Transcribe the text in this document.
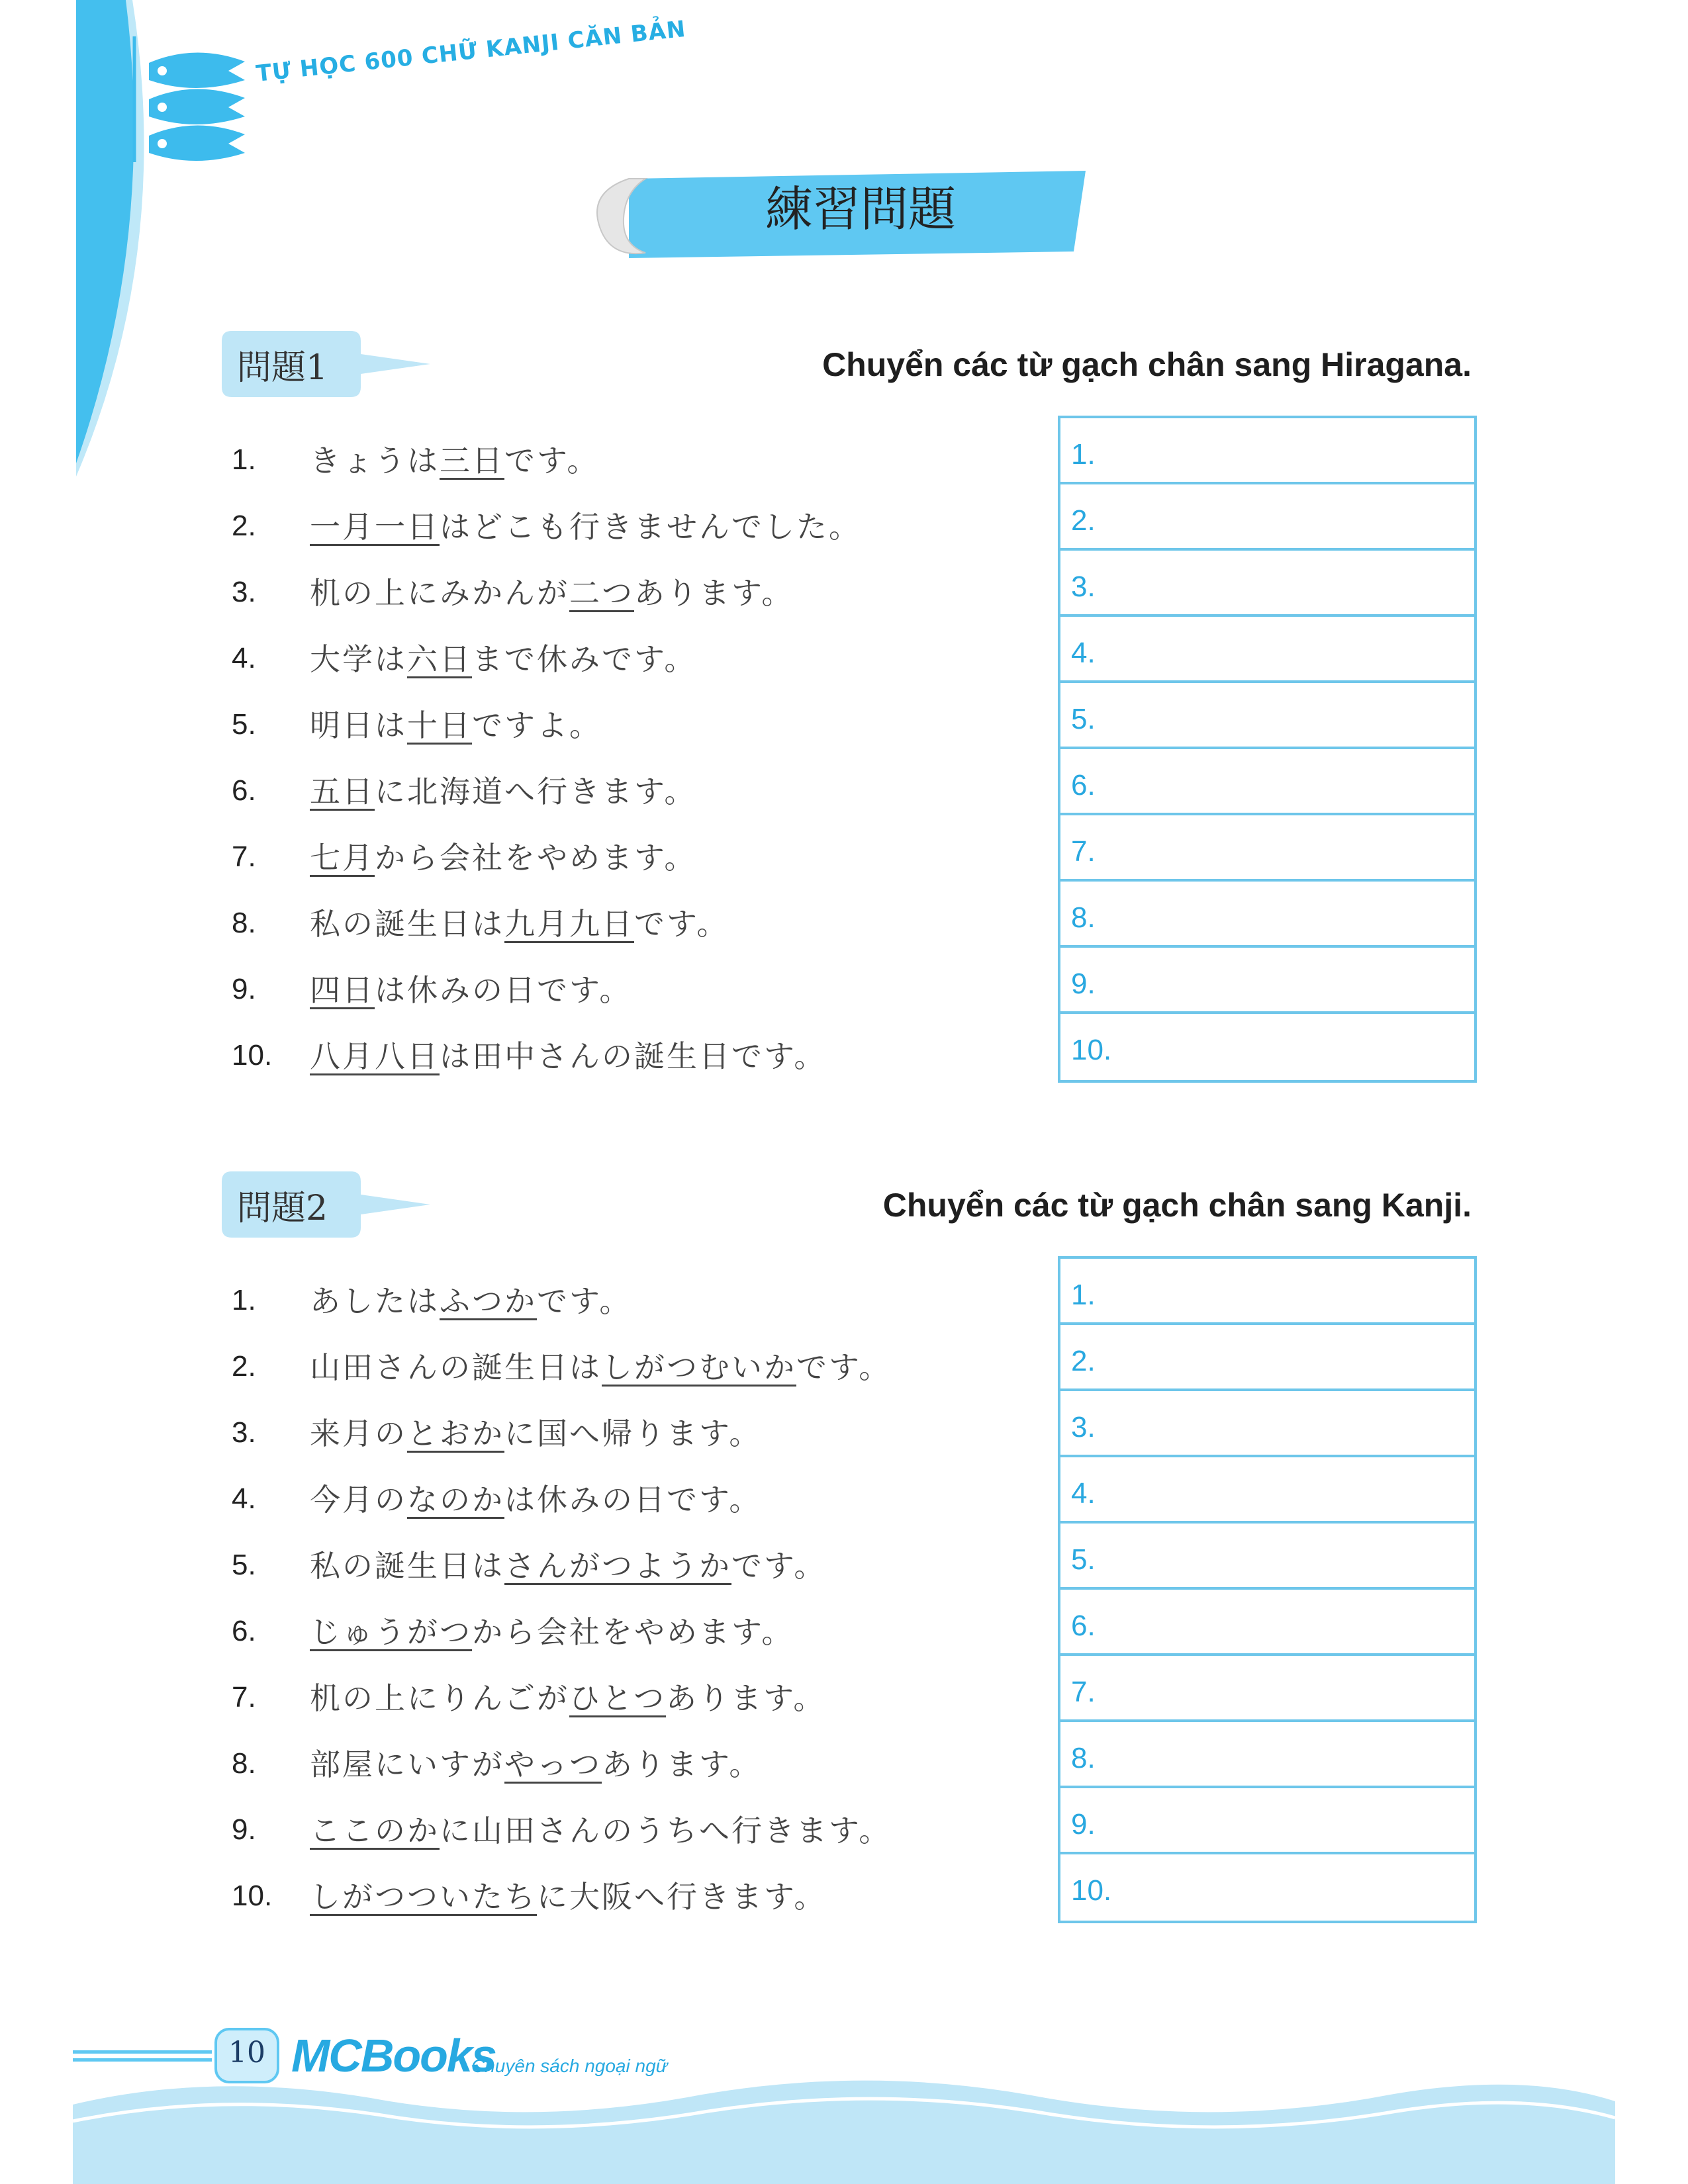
TỰ HỌC 600 CHỮ KANJI CĂN BẢN
練習問題
問題1	Chuyển các từ gạch chân sang Hiragana.
1. きょうは三日です。
2. 一月一日はどこも行きませんでした。
3. 机の上にみかんが二つあります。
4. 大学は六日まで休みです。
5. 明日は十日ですよ。
6. 五日に北海道へ行きます。
7. 七月から会社をやめます。
8. 私の誕生日は九月九日です。
9. 四日は休みの日です。
10. 八月八日は田中さんの誕生日です。
1.
2.
3.
4.
5.
6.
7.
8.
9.
10.
問題2	Chuyển các từ gạch chân sang Kanji.
1. あしたはふつかです。
2. 山田さんの誕生日はしがつむいかです。
3. 来月のとおかに国へ帰ります。
4. 今月のなのかは休みの日です。
5. 私の誕生日はさんがつようかです。
6. じゅうがつから会社をやめます。
7. 机の上にりんごがひとつあります。
8. 部屋にいすがやっつあります。
9. ここのかに山田さんのうちへ行きます。
10. しがつついたちに大阪へ行きます。
1.
2.
3.
4.
5.
6.
7.
8.
9.
10.
10 MCBooks
Chuyên sách ngoại ngữ
